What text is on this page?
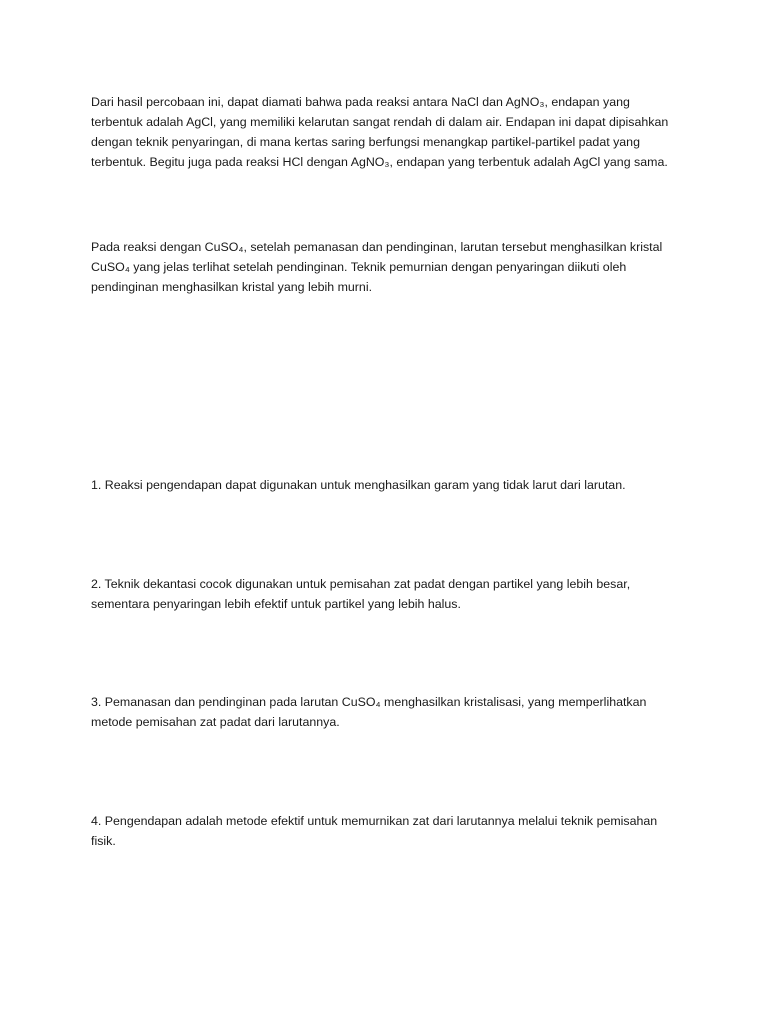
Dari hasil percobaan ini, dapat diamati bahwa pada reaksi antara NaCl dan AgNO₃, endapan yang terbentuk adalah AgCl, yang memiliki kelarutan sangat rendah di dalam air. Endapan ini dapat dipisahkan dengan teknik penyaringan, di mana kertas saring berfungsi menangkap partikel-partikel padat yang terbentuk. Begitu juga pada reaksi HCl dengan AgNO₃, endapan yang terbentuk adalah AgCl yang sama.

Pada reaksi dengan CuSO₄, setelah pemanasan dan pendinginan, larutan tersebut menghasilkan kristal CuSO₄ yang jelas terlihat setelah pendinginan. Teknik pemurnian dengan penyaringan diikuti oleh pendinginan menghasilkan kristal yang lebih murni.

1. Reaksi pengendapan dapat digunakan untuk menghasilkan garam yang tidak larut dari larutan.

2. Teknik dekantasi cocok digunakan untuk pemisahan zat padat dengan partikel yang lebih besar, sementara penyaringan lebih efektif untuk partikel yang lebih halus.

3. Pemanasan dan pendinginan pada larutan CuSO₄ menghasilkan kristalisasi, yang memperlihatkan metode pemisahan zat padat dari larutannya.

4. Pengendapan adalah metode efektif untuk memurnikan zat dari larutannya melalui teknik pemisahan fisik.
